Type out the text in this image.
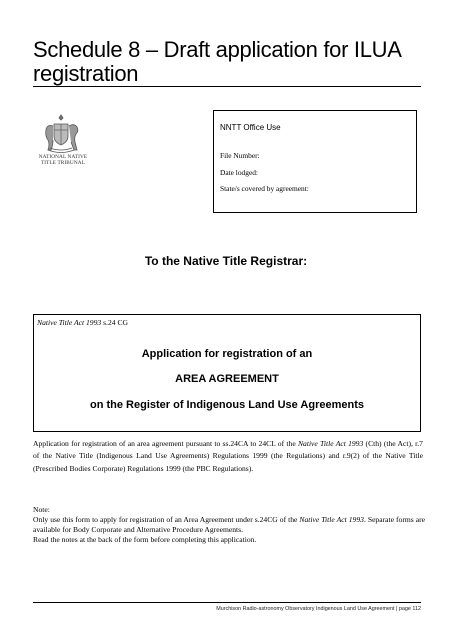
Schedule 8 – Draft application for ILUA registration
NATIONAL NATIVE
TITLE TRIBUNAL
NNTT Office Use
File Number:
Date lodged:
State/s covered by agreement:
To the Native Title Registrar:
Native Title Act 1993 s.24 CG
Application for registration of an
AREA AGREEMENT
on the Register of Indigenous Land Use Agreements
Application for registration of an area agreement pursuant to ss.24CA to 24CL of the Native Title Act 1993 (Cth) (the Act), r.7 of the Native Title (Indigenous Land Use Agreements) Regulations 1999 (the Regulations) and r.9(2) of the Native Title (Prescribed Bodies Corporate) Regulations 1999 (the PBC Regulations).
Note:
Only use this form to apply for registration of an Area Agreement under s.24CG of the Native Title Act 1993. Separate forms are available for Body Corporate and Alternative Procedure Agreements.
Read the notes at the back of the form before completing this application.
Murchison Radio-astronomy Observatory Indigenous Land Use Agreement | page 112
